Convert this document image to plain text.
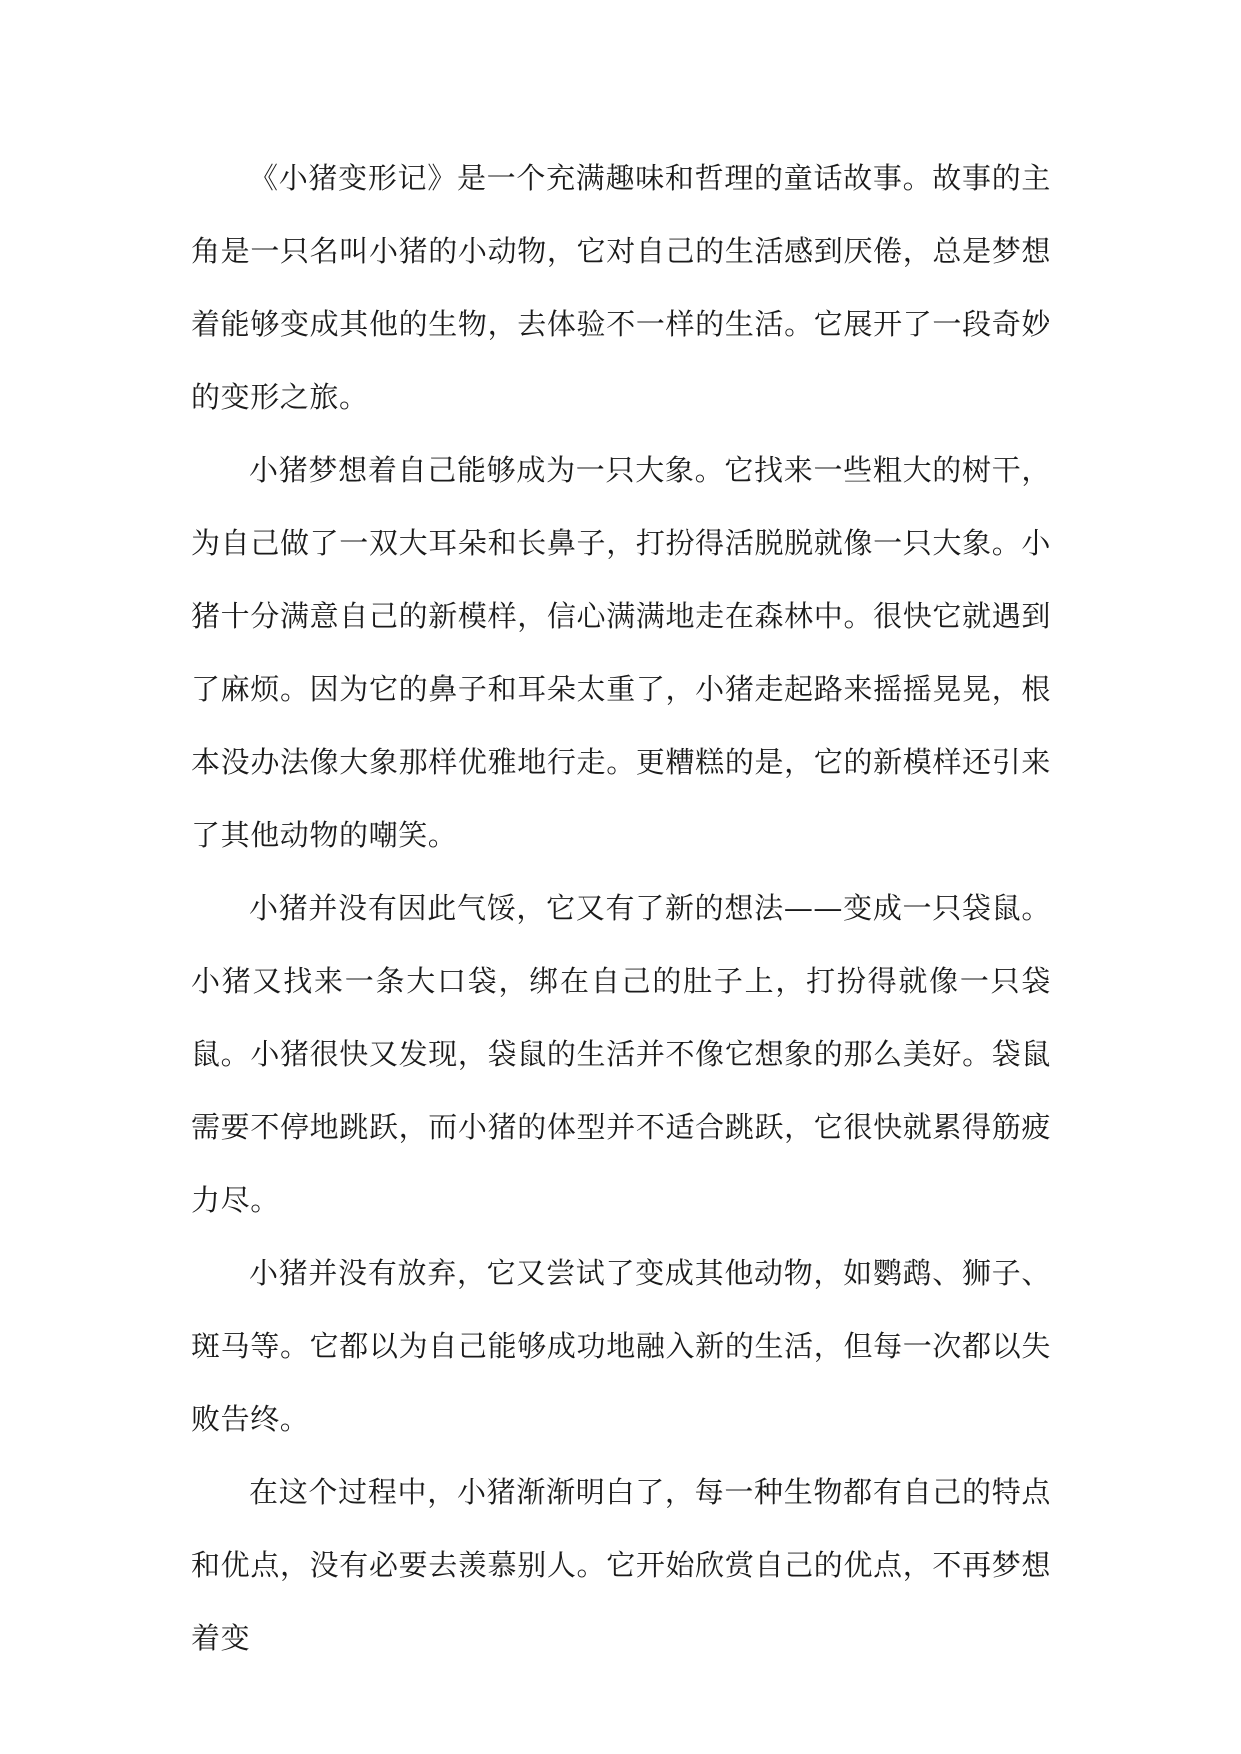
《小猪变形记》是一个充满趣味和哲理的童话故事。故事的主角是一只名叫小猪的小动物，它对自己的生活感到厌倦，总是梦想着能够变成其他的生物，去体验不一样的生活。它展开了一段奇妙的变形之旅。

小猪梦想着自己能够成为一只大象。它找来一些粗大的树干，为自己做了一双大耳朵和长鼻子，打扮得活脱脱就像一只大象。小猪十分满意自己的新模样，信心满满地走在森林中。很快它就遇到了麻烦。因为它的鼻子和耳朵太重了，小猪走起路来摇摇晃晃，根本没办法像大象那样优雅地行走。更糟糕的是，它的新模样还引来了其他动物的嘲笑。

小猪并没有因此气馁，它又有了新的想法——变成一只袋鼠。小猪又找来一条大口袋，绑在自己的肚子上，打扮得就像一只袋鼠。小猪很快又发现，袋鼠的生活并不像它想象的那么美好。袋鼠需要不停地跳跃，而小猪的体型并不适合跳跃，它很快就累得筋疲力尽。

小猪并没有放弃，它又尝试了变成其他动物，如鹦鹉、狮子、斑马等。它都以为自己能够成功地融入新的生活，但每一次都以失败告终。

在这个过程中，小猪渐渐明白了，每一种生物都有自己的特点和优点，没有必要去羡慕别人。它开始欣赏自己的优点，不再梦想着变
